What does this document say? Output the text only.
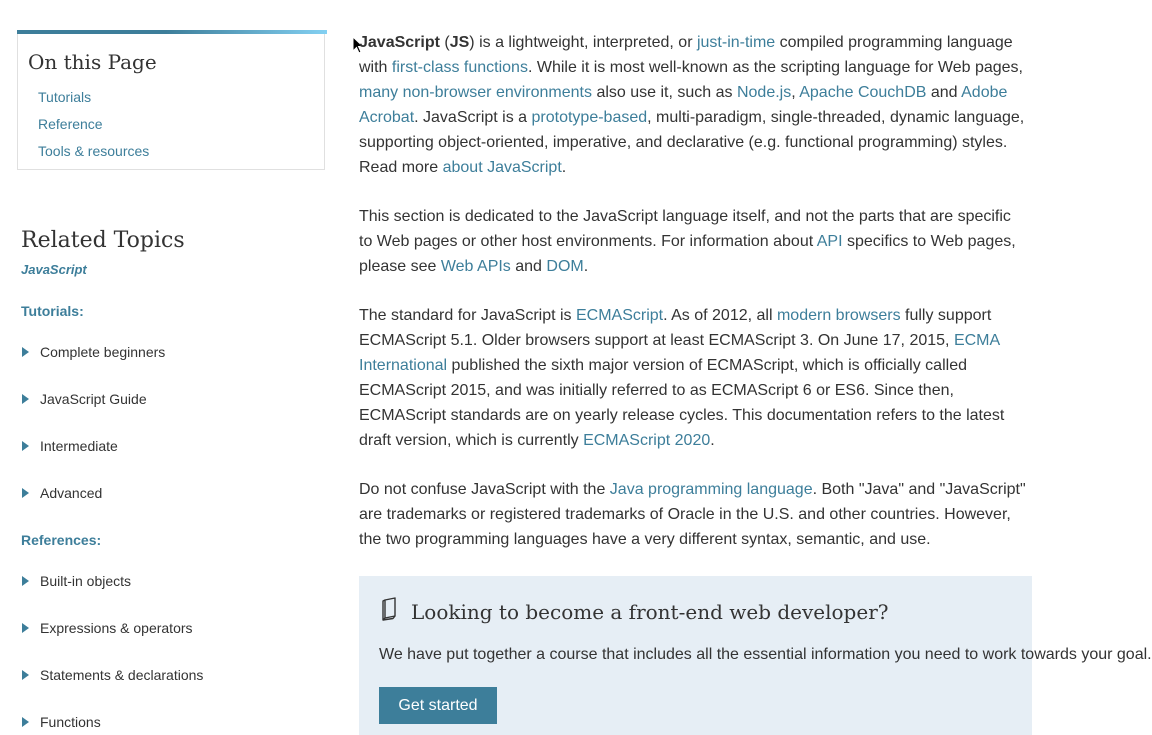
On this Page
Tutorials
Reference
Tools & resources
Related Topics
JavaScript
Tutorials:
Complete beginners
JavaScript Guide
Intermediate
Advanced
References:
Built-in objects
Expressions & operators
Statements & declarations
Functions

JavaScript (JS) is a lightweight, interpreted, or just-in-time compiled programming language with first-class functions. While it is most well-known as the scripting language for Web pages, many non-browser environments also use it, such as Node.js, Apache CouchDB and Adobe Acrobat. JavaScript is a prototype-based, multi-paradigm, single-threaded, dynamic language, supporting object-oriented, imperative, and declarative (e.g. functional programming) styles. Read more about JavaScript.

This section is dedicated to the JavaScript language itself, and not the parts that are specific to Web pages or other host environments. For information about API specifics to Web pages, please see Web APIs and DOM.

The standard for JavaScript is ECMAScript. As of 2012, all modern browsers fully support ECMAScript 5.1. Older browsers support at least ECMAScript 3. On June 17, 2015, ECMA International published the sixth major version of ECMAScript, which is officially called ECMAScript 2015, and was initially referred to as ECMAScript 6 or ES6. Since then, ECMAScript standards are on yearly release cycles. This documentation refers to the latest draft version, which is currently ECMAScript 2020.

Do not confuse JavaScript with the Java programming language. Both "Java" and "JavaScript" are trademarks or registered trademarks of Oracle in the U.S. and other countries. However, the two programming languages have a very different syntax, semantic, and use.

Looking to become a front-end web developer?
We have put together a course that includes all the essential information you need to work towards your goal.
Get started
